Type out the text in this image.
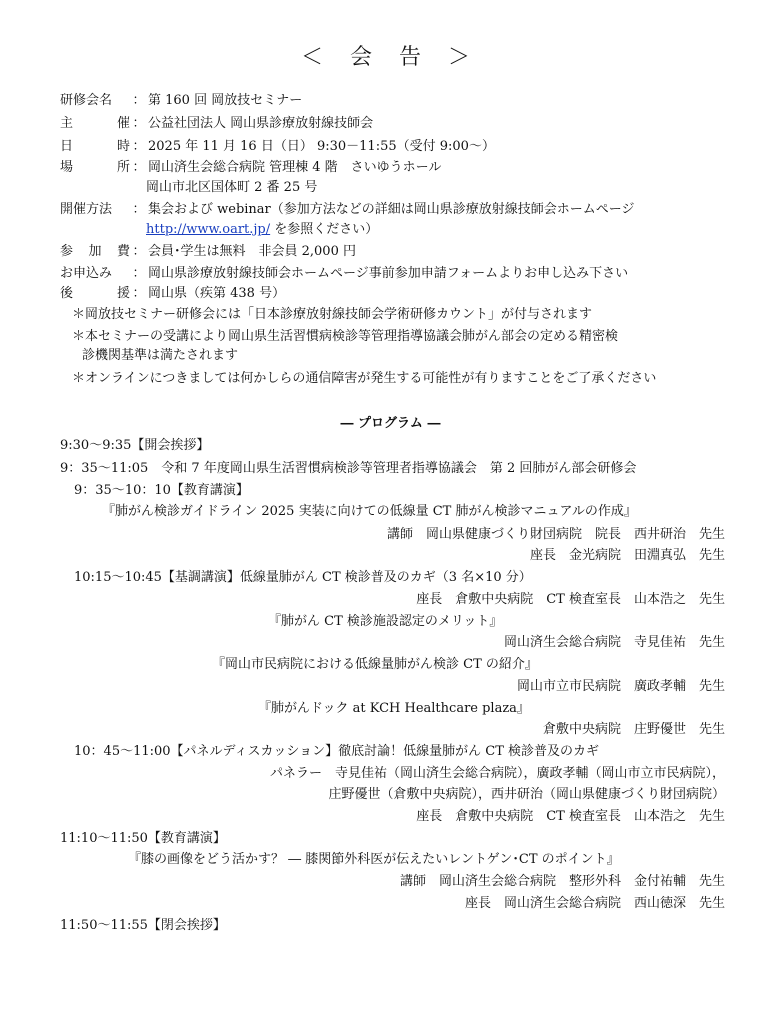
＜ 会 告 ＞
研修会名 ： 第 160 回 岡放技セミナー
主 催 ： 公益社団法人 岡山県診療放射線技師会
日 時 ： 2025 年 11 月 16 日（日） 9:30－11:55（受付 9:00～）
場 所 ： 岡山済生会総合病院 管理棟 4 階　さいゆうホール
岡山市北区国体町 2 番 25 号
開催方法 ： 集会および webinar（参加方法などの詳細は岡山県診療放射線技師会ホームページ
http://www.oart.jp/ を参照ください）
参 加 費 ： 会員･学生は無料　非会員 2,000 円
お申込み ： 岡山県診療放射線技師会ホームページ事前参加申請フォームよりお申し込み下さい
後 援 ： 岡山県（疾第 438 号）
＊岡放技セミナー研修会には「日本診療放射線技師会学術研修カウント」が付与されます
＊本セミナーの受講により岡山県生活習慣病検診等管理指導協議会肺がん部会の定める精密検
診機関基準は満たされます
＊オンラインにつきましては何かしらの通信障害が発生する可能性が有りますことをご了承ください
― プログラム ―
9:30～9:35【開会挨拶】
9：35～11:05　令和 7 年度岡山県生活習慣病検診等管理者指導協議会　第 2 回肺がん部会研修会
9：35～10：10【教育講演】
『肺がん検診ガイドライン 2025 実装に向けての低線量 CT 肺がん検診マニュアルの作成』
講師　岡山県健康づくり財団病院　院長　西井研治　先生
座長　金光病院　田淵真弘　先生
10:15～10:45【基調講演】低線量肺がん CT 検診普及のカギ（3 名×10 分）
座長　倉敷中央病院　CT 検査室長　山本浩之　先生
『肺がん CT 検診施設認定のメリット』
岡山済生会総合病院　寺見佳祐　先生
『岡山市民病院における低線量肺がん検診 CT の紹介』
岡山市立市民病院　廣政孝輔　先生
『肺がんドック at KCH Healthcare plaza』
倉敷中央病院　庄野優世　先生
10：45～11:00【パネルディスカッション】徹底討論！低線量肺がん CT 検診普及のカギ
パネラー　寺見佳祐（岡山済生会総合病院），廣政孝輔（岡山市立市民病院），
庄野優世（倉敷中央病院），西井研治（岡山県健康づくり財団病院）
座長　倉敷中央病院　CT 検査室長　山本浩之　先生
11:10～11:50【教育講演】
『膝の画像をどう活かす？ ― 膝関節外科医が伝えたいレントゲン･CT のポイント』
講師　岡山済生会総合病院　整形外科　金付祐輔　先生
座長　岡山済生会総合病院　西山徳深　先生
11:50～11:55【閉会挨拶】
